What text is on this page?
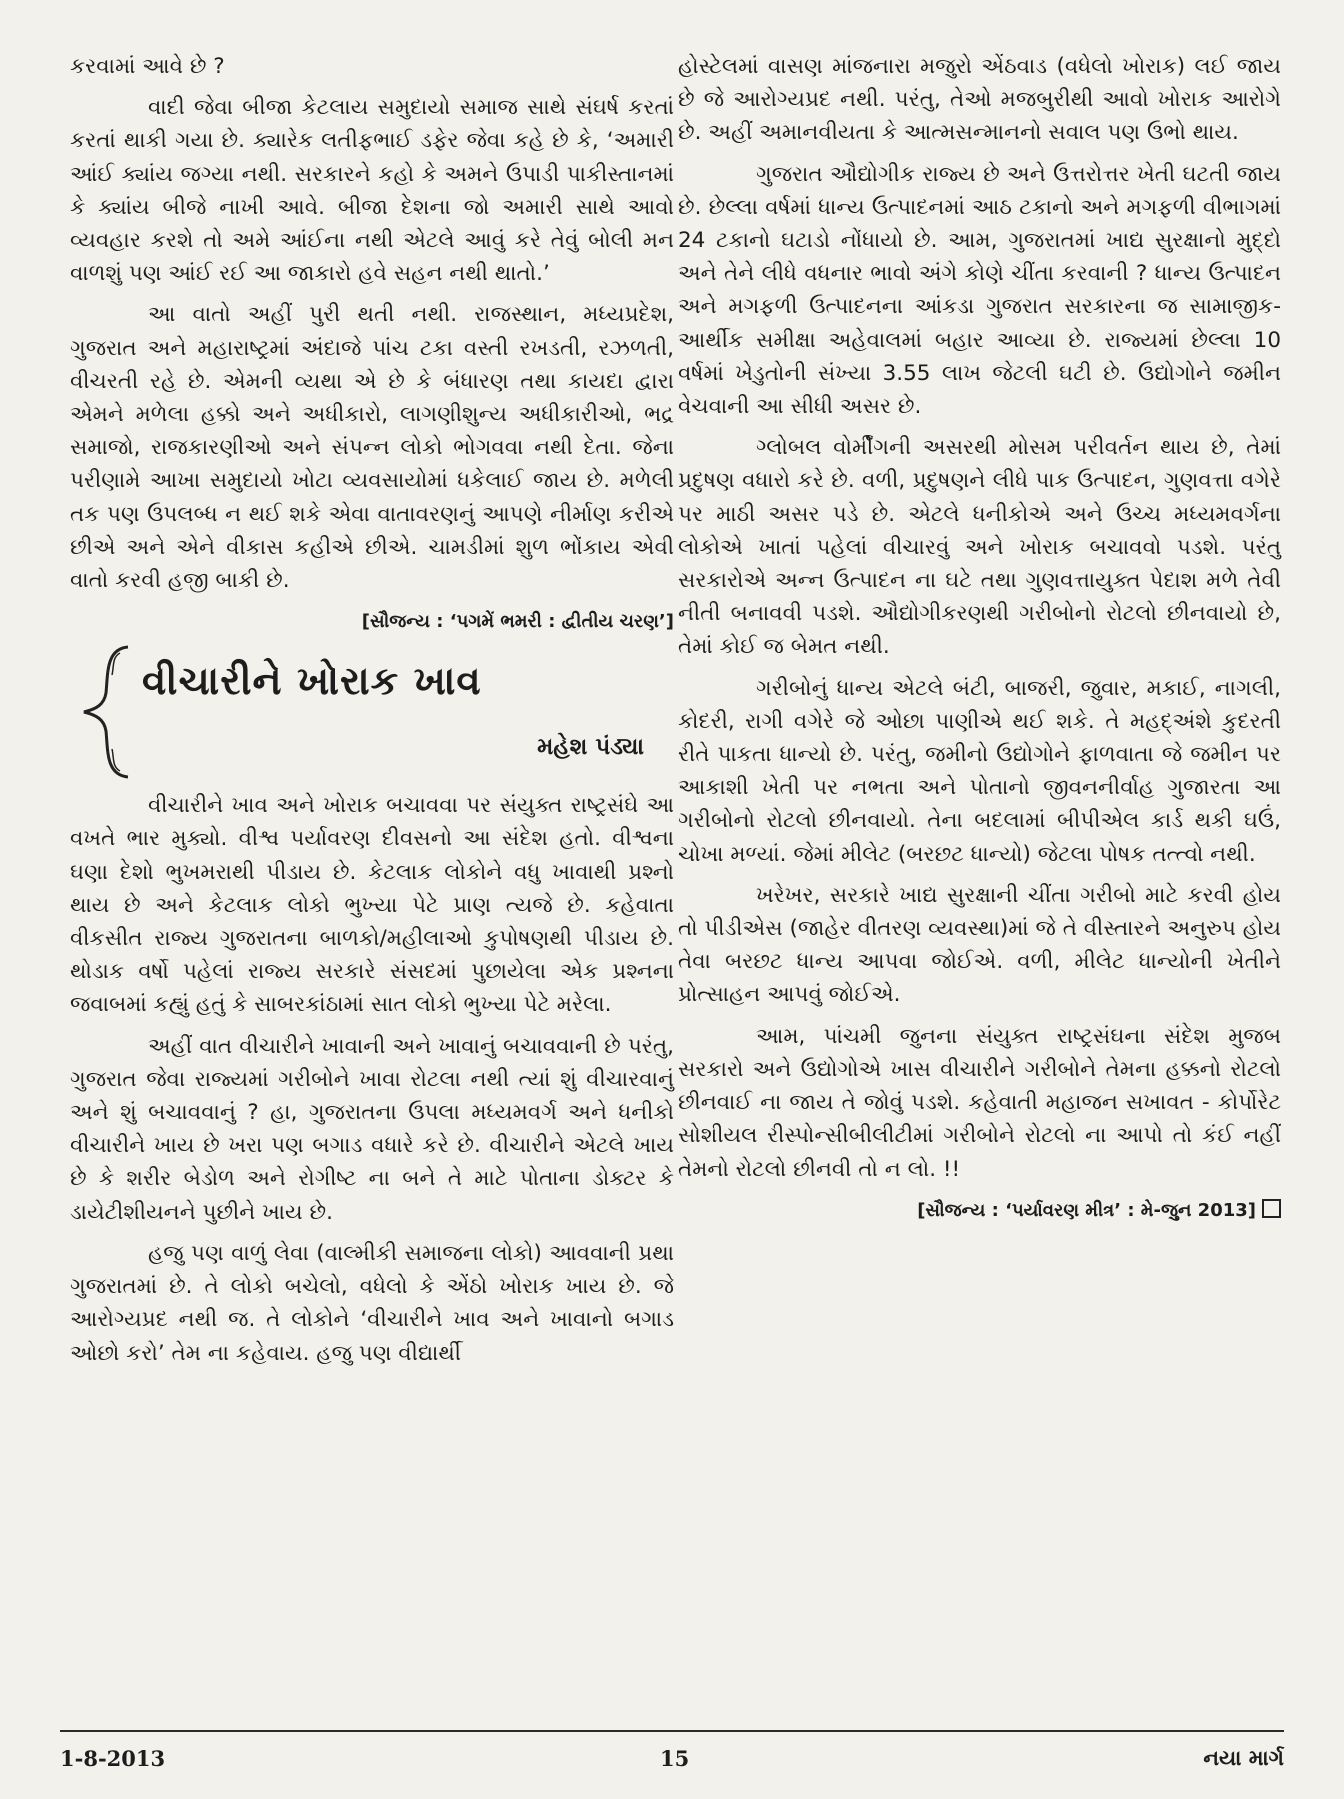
કરવામાં આવે છે ?

વાદી જેવા બીજા કેટલાય સમુદાયો સમાજ સાથે સંઘર્ષ કરતાં કરતાં થાકી ગયા છે. ક્યારેક લતીફભાઈ ડફેર જેવા કહે છે કે, ‘અમારી આંઈ ક્યાંય જગ્યા નથી. સરકારને કહો કે અમને ઉપાડી પાકીસ્તાનમાં કે ક્યાંય બીજે નાખી આવે. બીજા દેશના જો અમારી સાથે આવો વ્યવહાર કરશે તો અમે આંઈના નથી એટલે આવું કરે તેવું બોલી મન વાળશું પણ આંઈ રઈ આ જાકારો હવે સહન નથી થાતો.’

આ વાતો અહીં પુરી થતી નથી. રાજસ્થાન, મધ્યપ્રદેશ, ગુજરાત અને મહારાષ્ટ્રમાં અંદાજે પાંચ ટકા વસ્તી રખડતી, રઝળતી, વીચરતી રહે છે. એમની વ્યથા એ છે કે બંધારણ તથા કાયદા દ્વારા એમને મળેલા હક્કો અને અધીકારો, લાગણીશુન્ય અધીકારીઓ, ભદ્ર સમાજો, રાજકારણીઓ અને સંપન્ન લોકો ભોગવવા નથી દેતા. જેના પરીણામે આખા સમુદાયો ખોટા વ્યવસાયોમાં ધકેલાઈ જાય છે. મળેલી તક પણ ઉપલબ્ધ ન થઈ શકે એવા વાતાવરણનું આપણે નીર્માણ કરીએ છીએ અને એને વીકાસ કહીએ છીએ. ચામડીમાં શુળ ભોંકાય એવી વાતો કરવી હજી બાકી છે.

[સૌજન્ય : ‘પગમેં ભમરી : દ્વીતીય ચરણ’]
વીચારીને ખોરાક ખાવ
મહેશ પંડ્યા

વીચારીને ખાવ અને ખોરાક બચાવવા પર સંયુક્ત રાષ્ટ્રસંઘે આ વખતે ભાર મુક્યો. વીશ્વ પર્યાવરણ દીવસનો આ સંદેશ હતો. વીશ્વના ઘણા દેશો ભુખમરાથી પીડાય છે. કેટલાક લોકોને વધુ ખાવાથી પ્રશ્નો થાય છે અને કેટલાક લોકો ભુખ્યા પેટે પ્રાણ ત્યજે છે. કહેવાતા વીકસીત રાજ્ય ગુજરાતના બાળકો/મહીલાઓ કુપોષણથી પીડાય છે. થોડાક વર્ષો પહેલાં રાજ્ય સરકારે સંસદમાં પુછાયેલા એક પ્રશ્નના જવાબમાં કહ્યું હતું કે સાબરકાંઠામાં સાત લોકો ભુખ્યા પેટે મરેલા.

અહીં વાત વીચારીને ખાવાની અને ખાવાનું બચાવવાની છે પરંતુ, ગુજરાત જેવા રાજ્યમાં ગરીબોને ખાવા રોટલા નથી ત્યાં શું વીચારવાનું અને શું બચાવવાનું ? હા, ગુજરાતના ઉપલા મધ્યમવર્ગ અને ધનીકો વીચારીને ખાય છે ખરા પણ બગાડ વધારે કરે છે. વીચારીને એટલે ખાય છે કે શરીર બેડોળ અને રોગીષ્ટ ના બને તે માટે પોતાના ડોક્ટર કે ડાયેટીશીયનને પુછીને ખાય છે.

હજુ પણ વાળું લેવા (વાલ્મીકી સમાજના લોકો) આવવાની પ્રથા ગુજરાતમાં છે. તે લોકો બચેલો, વધેલો કે એંઠો ખોરાક ખાય છે. જે આરોગ્યપ્રદ નથી જ. તે લોકોને ‘વીચારીને ખાવ અને ખાવાનો બગાડ ઓછો કરો’ તેમ ના કહેવાય. હજુ પણ વીદ્યાર્થી

હોસ્ટેલમાં વાસણ માંજનારા મજુરો એંઠવાડ (વધેલો ખોરાક) લઈ જાય છે જે આરોગ્યપ્રદ નથી. પરંતુ, તેઓ મજબુરીથી આવો ખોરાક આરોગે છે. અહીં અમાનવીયતા કે આત્મસન્માનનો સવાલ પણ ઉભો થાય.

ગુજરાત ઔદ્યોગીક રાજ્ય છે અને ઉત્તરોત્તર ખેતી ઘટતી જાય છે. છેલ્લા વર્ષમાં ધાન્ય ઉત્પાદનમાં આઠ ટકાનો અને મગફળી વીભાગમાં 24 ટકાનો ઘટાડો નોંધાયો છે. આમ, ગુજરાતમાં ખાદ્ય સુરક્ષાનો મુદ્દો અને તેને લીધે વધનાર ભાવો અંગે કોણે ચીંતા કરવાની ? ધાન્ય ઉત્પાદન અને મગફળી ઉત્પાદનના આંકડા ગુજરાત સરકારના જ સામાજીક-આર્થીક સમીક્ષા અહેવાલમાં બહાર આવ્યા છે. રાજ્યમાં છેલ્લા 10 વર્ષમાં ખેડુતોની સંખ્યા 3.55 લાખ જેટલી ઘટી છે. ઉદ્યોગોને જમીન વેચવાની આ સીધી અસર છે.

ગ્લોબલ વોર્મીંગની અસરથી મોસમ પરીવર્તન થાય છે, તેમાં પ્રદુષણ વધારો કરે છે. વળી, પ્રદુષણને લીધે પાક ઉત્પાદન, ગુણવત્તા વગેરે પર માઠી અસર પડે છે. એટલે ધનીકોએ અને ઉચ્ચ મધ્યમવર્ગના લોકોએ ખાતાં પહેલાં વીચારવું અને ખોરાક બચાવવો પડશે. પરંતુ સરકારોએ અન્ન ઉત્પાદન ના ઘટે તથા ગુણવત્તાયુક્ત પેદાશ મળે તેવી નીતી બનાવવી પડશે. ઔદ્યોગીકરણથી ગરીબોનો રોટલો છીનવાયો છે, તેમાં કોઈ જ બેમત નથી.

ગરીબોનું ધાન્ય એટલે બંટી, બાજરી, જુવાર, મકાઈ, નાગલી, કોદરી, રાગી વગેરે જે ઓછા પાણીએ થઈ શકે. તે મહદ્અંશે કુદરતી રીતે પાકતા ધાન્યો છે. પરંતુ, જમીનો ઉદ્યોગોને ફાળવાતા જે જમીન પર આકાશી ખેતી પર નભતા અને પોતાનો જીવનનીર્વાહ ગુજારતા આ ગરીબોનો રોટલો છીનવાયો. તેના બદલામાં બીપીએલ કાર્ડ થકી ઘઉં, ચોખા મળ્યાં. જેમાં મીલેટ (બરછટ ધાન્યો) જેટલા પોષક તત્ત્વો નથી.

ખરેખર, સરકારે ખાદ્ય સુરક્ષાની ચીંતા ગરીબો માટે કરવી હોય તો પીડીએસ (જાહેર વીતરણ વ્યવસ્થા)માં જે તે વીસ્તારને અનુરુપ હોય તેવા બરછટ ધાન્ય આપવા જોઈએ. વળી, મીલેટ ધાન્યોની ખેતીને પ્રોત્સાહન આપવું જોઈએ.

આમ, પાંચમી જુનના સંયુક્ત રાષ્ટ્રસંઘના સંદેશ મુજબ સરકારો અને ઉદ્યોગોએ ખાસ વીચારીને ગરીબોને તેમના હક્કનો રોટલો છીનવાઈ ના જાય તે જોવું પડશે. કહેવાતી મહાજન સખાવત - કોર્પોરેટ સોશીયલ રીસ્પોન્સીબીલીટીમાં ગરીબોને રોટલો ના આપો તો કંઈ નહીં તેમનો રોટલો છીનવી તો ન લો. !!

[સૌજન્ય : ‘પર્યાવરણ મીત્ર’ : મે-જુન 2013]
1-8-2013	15	નયા માર્ગ
